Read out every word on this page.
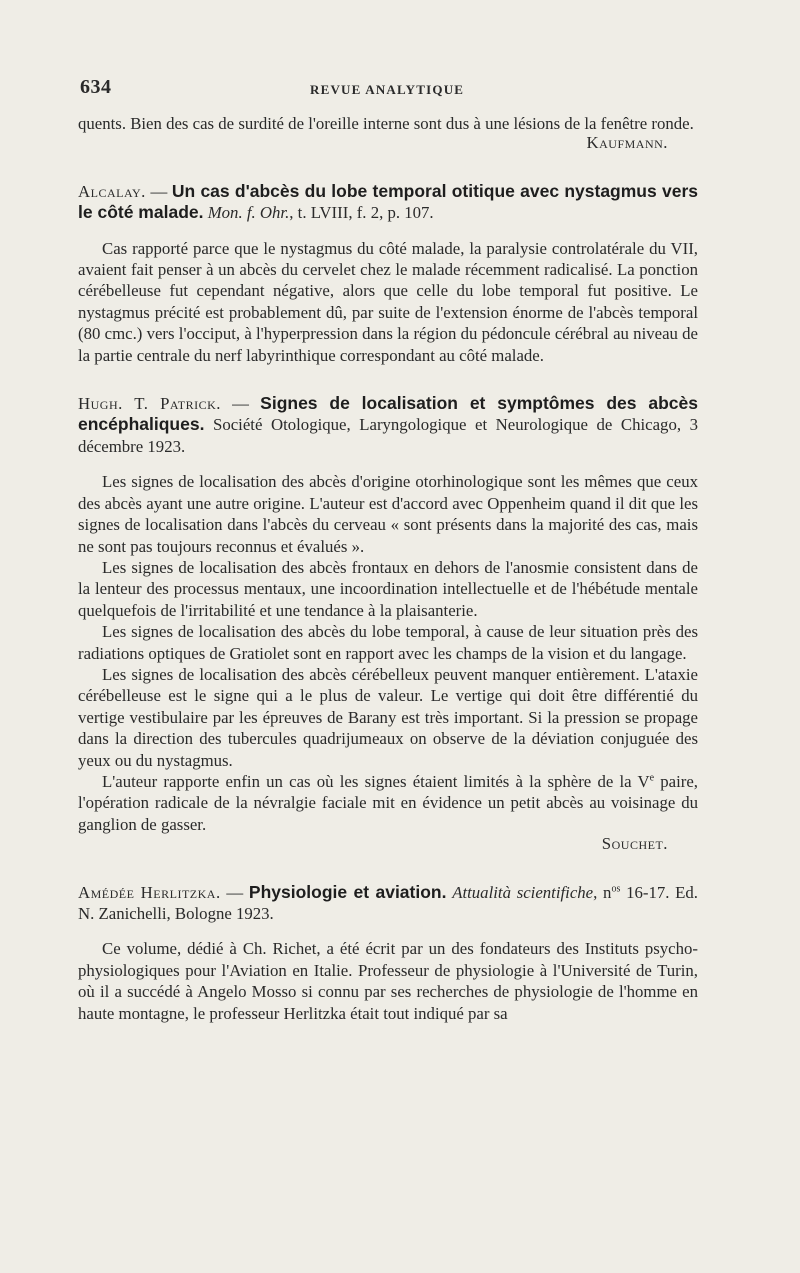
634	REVUE ANALYTIQUE

quents. Bien des cas de surdité de l'oreille interne sont dus à une lésions de la fenêtre ronde.

Kaufmann.

Alcalay. — Un cas d'abcès du lobe temporal otitique avec nystagmus vers le côté malade. Mon. f. Ohr., t. LVIII, f. 2, p. 107.

Cas rapporté parce que le nystagmus du côté malade, la paralysie controlatérale du VII, avaient fait penser à un abcès du cervelet chez le malade récemment radicalisé. La ponction cérébelleuse fut cependant négative, alors que celle du lobe temporal fut positive. Le nystagmus précité est probablement dû, par suite de l'extension énorme de l'abcès temporal (80 cmc.) vers l'occiput, à l'hyperpression dans la région du pédoncule cérébral au niveau de la partie centrale du nerf labyrinthique correspondant au côté malade.

Hugh. T. Patrick. — Signes de localisation et symptômes des abcès encéphaliques. Société Otologique, Laryngologique et Neurologique de Chicago, 3 décembre 1923.

Les signes de localisation des abcès d'origine otorhinologique sont les mêmes que ceux des abcès ayant une autre origine. L'auteur est d'accord avec Oppenheim quand il dit que les signes de localisation dans l'abcès du cerveau « sont présents dans la majorité des cas, mais ne sont pas toujours reconnus et évalués ».

Les signes de localisation des abcès frontaux en dehors de l'anosmie consistent dans de la lenteur des processus mentaux, une incoordination intellectuelle et de l'hébétude mentale quelquefois de l'irritabilité et une tendance à la plaisanterie.

Les signes de localisation des abcès du lobe temporal, à cause de leur situation près des radiations optiques de Gratiolet sont en rapport avec les champs de la vision et du langage.

Les signes de localisation des abcès cérébelleux peuvent manquer entièrement. L'ataxie cérébelleuse est le signe qui a le plus de valeur. Le vertige qui doit être différentié du vertige vestibulaire par les épreuves de Barany est très important. Si la pression se propage dans la direction des tubercules quadrijumeaux on observe de la déviation conjuguée des yeux ou du nystagmus.

L'auteur rapporte enfin un cas où les signes étaient limités à la sphère de la Ve paire, l'opération radicale de la névralgie faciale mit en évidence un petit abcès au voisinage du ganglion de gasser.

Souchet.

Amédée Herlitzka. — Physiologie et aviation. Attualità scientifiche, $n^{os}$ 16-17. Ed. N. Zanichelli, Bologne 1923.

Ce volume, dédié à Ch. Richet, a été écrit par un des fondateurs des Instituts psycho-physiologiques pour l'Aviation en Italie. Professeur de physiologie à l'Université de Turin, où il a succédé à Angelo Mosso si connu par ses recherches de physiologie de l'homme en haute montagne, le professeur Herlitzka était tout indiqué par sa
